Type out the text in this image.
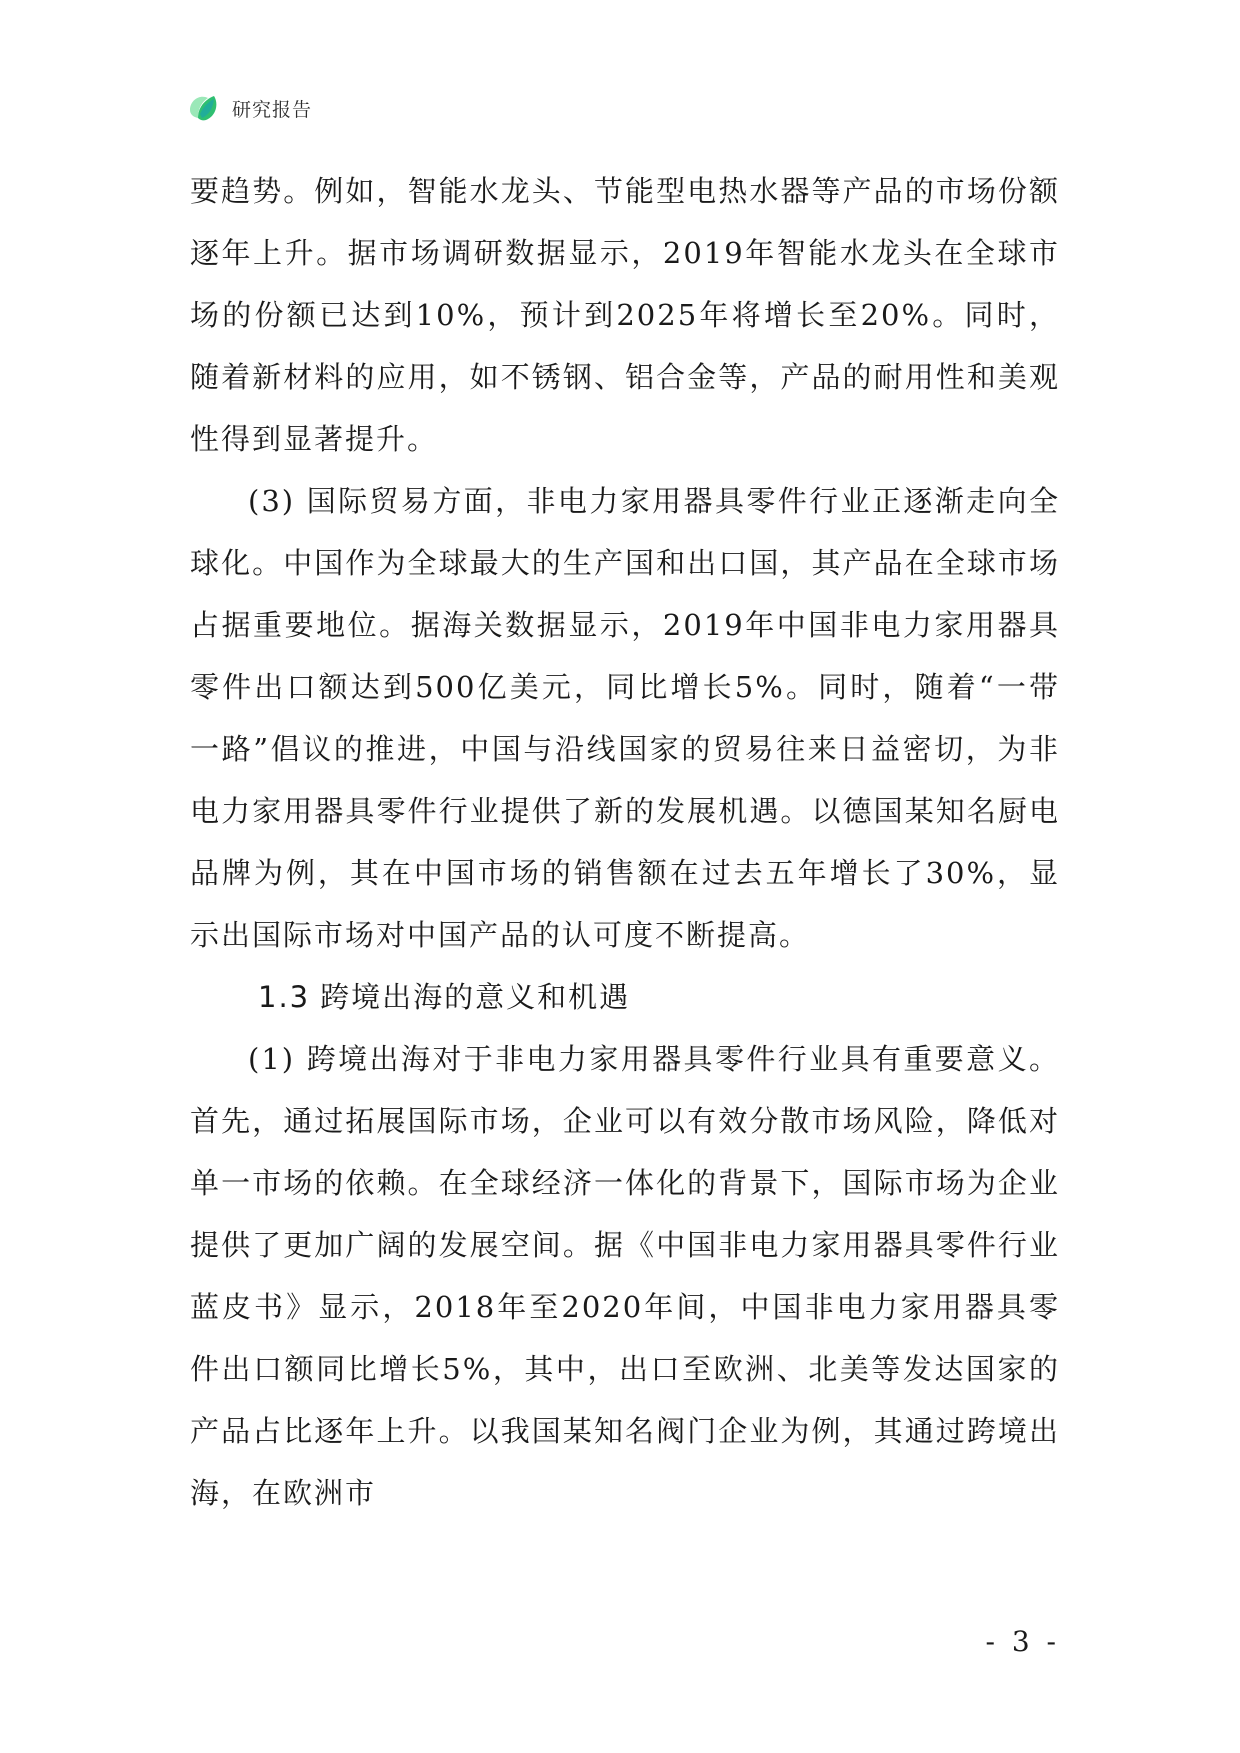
研究报告

要趋势。例如，智能水龙头、节能型电热水器等产品的市场份额逐年上升。据市场调研数据显示，2019年智能水龙头在全球市场的份额已达到10%，预计到2025年将增长至20%。同时，随着新材料的应用，如不锈钢、铝合金等，产品的耐用性和美观性得到显著提升。

(3) 国际贸易方面，非电力家用器具零件行业正逐渐走向全球化。中国作为全球最大的生产国和出口国，其产品在全球市场占据重要地位。据海关数据显示，2019年中国非电力家用器具零件出口额达到500亿美元，同比增长5%。同时，随着“一带一路”倡议的推进，中国与沿线国家的贸易往来日益密切，为非电力家用器具零件行业提供了新的发展机遇。以德国某知名厨电品牌为例，其在中国市场的销售额在过去五年增长了30%，显示出国际市场对中国产品的认可度不断提高。

1.3 跨境出海的意义和机遇

(1) 跨境出海对于非电力家用器具零件行业具有重要意义。首先，通过拓展国际市场，企业可以有效分散市场风险，降低对单一市场的依赖。在全球经济一体化的背景下，国际市场为企业提供了更加广阔的发展空间。据《中国非电力家用器具零件行业蓝皮书》显示，2018年至2020年间，中国非电力家用器具零件出口额同比增长5%，其中，出口至欧洲、北美等发达国家的产品占比逐年上升。以我国某知名阀门企业为例，其通过跨境出海，在欧洲市

- 3 -
